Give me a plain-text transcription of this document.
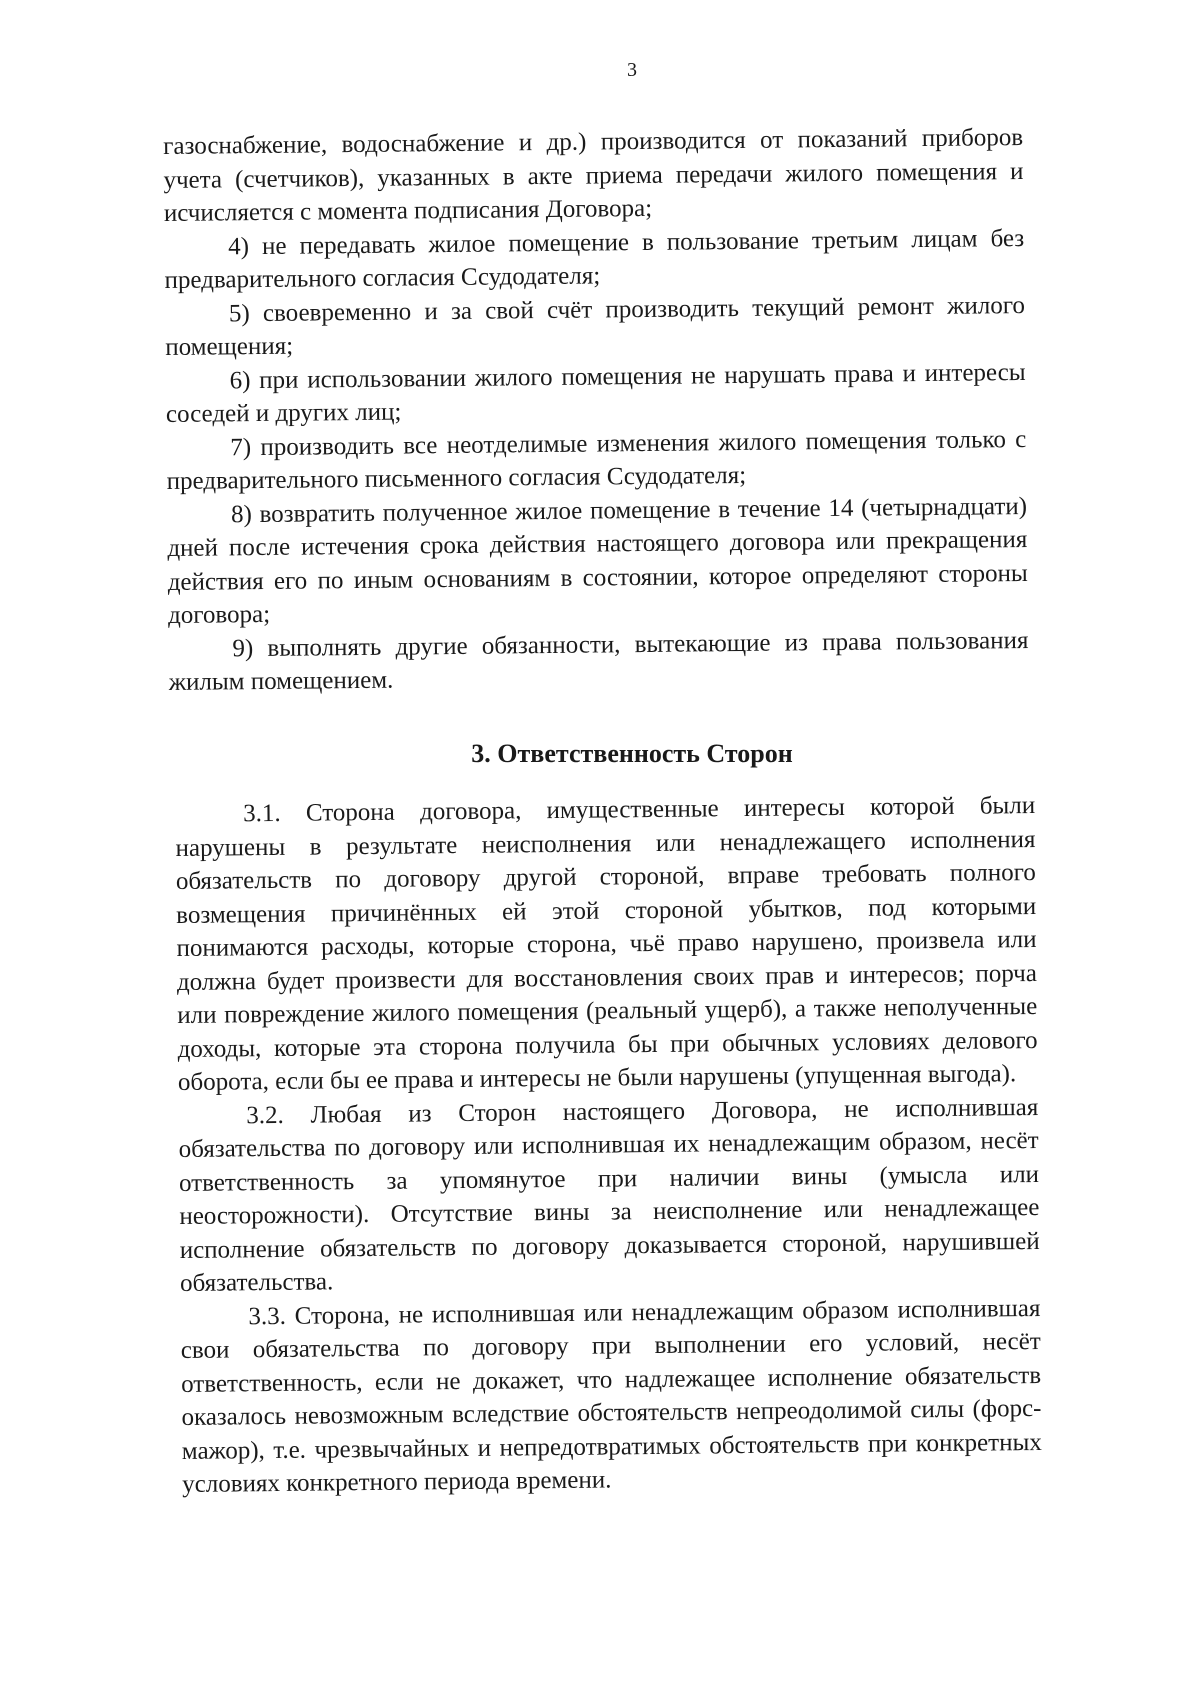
3

газоснабжение, водоснабжение и др.) производится от показаний приборов учета (счетчиков), указанных в акте приема передачи жилого помещения и исчисляется с момента подписания Договора;

4) не передавать жилое помещение в пользование третьим лицам без предварительного согласия Ссудодателя;

5) своевременно и за свой счёт производить текущий ремонт жилого помещения;

6) при использовании жилого помещения не нарушать права и интересы соседей и других лиц;

7) производить все неотделимые изменения жилого помещения только с предварительного письменного согласия Ссудодателя;

8) возвратить полученное жилое помещение в течение 14 (четырнадцати) дней после истечения срока действия настоящего договора или прекращения действия его по иным основаниям в состоянии, которое определяют стороны договора;

9) выполнять другие обязанности, вытекающие из права пользования жилым помещением.

3. Ответственность Сторон

3.1. Сторона договора, имущественные интересы которой были нарушены в результате неисполнения или ненадлежащего исполнения обязательств по договору другой стороной, вправе требовать полного возмещения причинённых ей этой стороной убытков, под которыми понимаются расходы, которые сторона, чьё право нарушено, произвела или должна будет произвести для восстановления своих прав и интересов; порча или повреждение жилого помещения (реальный ущерб), а также неполученные доходы, которые эта сторона получила бы при обычных условиях делового оборота, если бы ее права и интересы не были нарушены (упущенная выгода).

3.2. Любая из Сторон настоящего Договора, не исполнившая обязательства по договору или исполнившая их ненадлежащим образом, несёт ответственность за упомянутое при наличии вины (умысла или неосторожности). Отсутствие вины за неисполнение или ненадлежащее исполнение обязательств по договору доказывается стороной, нарушившей обязательства.

3.3. Сторона, не исполнившая или ненадлежащим образом исполнившая свои обязательства по договору при выполнении его условий, несёт ответственность, если не докажет, что надлежащее исполнение обязательств оказалось невозможным вследствие обстоятельств непреодолимой силы (форс-мажор), т.е. чрезвычайных и непредотвратимых обстоятельств при конкретных условиях конкретного периода времени.
